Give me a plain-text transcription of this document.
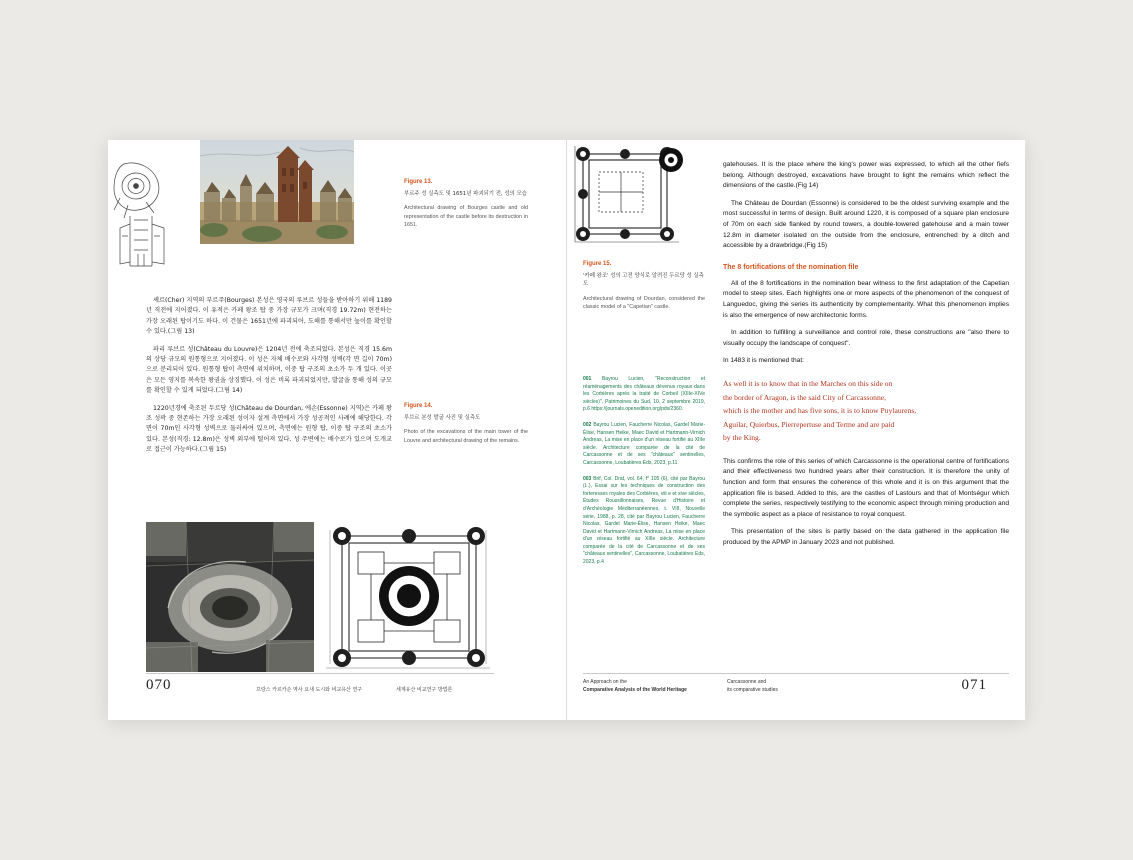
Figure 13.
부르주 성 실측도 및 1651년 파괴되기 전, 성의 모습
Architectural drawing of Bourges castle and old representation of the castle before its destruction in 1651.

셰르(Cher) 지역의 부르주(Bourges) 본성은 영국의 루브르 성들을 받아하기 위해 1189년 직전에 지어졌다. 이 유적은 카페 왕조 탑 중 가장 규모가 크며(직경 19.72m) 현전하는 가장 오래된 탑이기도 하다. 이 건물은 1651년에 파괴되어, 도해를 통해서만 높이를 확인할 수 있다.(그림 13)

파리 루브르 성(Château du Louvre)은 1204년 전에 축조되었다. 본성은 직경 15.6m의 상당 규모의 원통형으로 지어졌다. 이 성은 자체 배수로와 사각형 성벽(각 면 길이 70m)으로 분리되어 있다. 원통형 탑이 측면에 위치하며, 이중 탑 구조의 초소가 두 개 있다. 이곳은 모든 영지를 복속한 왕권을 상징했다. 이 성은 비록 파괴되었지만, 발굴을 통해 성의 규모를 확인할 수 있게 되었다.(그림 14)

1220년경에 축조된 두르당 성(Château de Dourdan, 에손(Essonne) 지역)은 카페 왕조 성곽 중 현존하는 가장 오래된 성이자 설계 측면에서 가장 성공적인 사례에 해당한다. 각 면이 70m인 사각형 성벽으로 둘러싸여 있으며, 측면에는 원형 탑, 이중 탑 구조의 초소가 있다. 본성(직경: 12.8m)은 성벽 외부에 떨어져 있다. 성 주변에는 배수로가 있으며 도개교로 접근이 가능하다.(그림 15)

Figure 14.
루브르 본성 발굴 사진 및 실측도
Photo of the excavations of the main tower of the Louvre and architectural drawing of the remains.
070	프랑스 카르카손 역사 요새 도시와 비교유산 연구	세계유산 비교연구 방법론
Figure 15.
'카페 왕조' 성의 고전 양식로 알려진 두르당 성 실측도
Architectural drawing of Dourdan, considered the classic model of a "Capetian" castle.
001 Bayrou Lucien, "Reconstruction et réaménagements des châteaux dévenus royaux dans les Corbières après la traité de Corbeil (XIIIe-XIVe siècles)", Patrimoines du Sud, 10, 2 septembre 2019, p.6 https://journals.openedition.org/pds/2360.
002 Bayrou Lucien, Faucherre Nicolas, Gardel Marie-Élise, Hansen Heike, Maec David et Hartmann-Virnich Andreas, La mise en place d'un réseau fortifié au XIIIe siècle. Architecture comparée de la cité de Carcassonne et de ses "châteaux" sentinelles, Carcassonne, Loubatières Eds, 2023, p.11
003 Brif, Col. Drat, vol. 64, f° 105 (6), cité par Bayrou (L.), Essai sur les techniques de construction des forteresses royales des Corbières, viii e et xive siècles, Études Roussillonnaises, Revue d'Histoire et d'Archéologie Méditerranéennes, t. VIII, Nouvelle série, 1988, p. 28, cité par Bayrou Lucien, Faucherre Nicolas, Gardel Marie-Élise, Hansen Heike, Maec David et Hartmann-Virnich Andreas, La mise en place d'un réseau fortifié au XIIIe siècle. Architecture comparée de la cité de Carcassonne et de ses "châteaux sentinelles", Carcassonne, Loubatières Eds, 2023, p.4

gatehouses. It is the place where the king's power was expressed, to which all the other fiefs belong. Although destroyed, excavations have brought to light the remains which reflect the dimensions of the castle.(Fig 14)

The Château de Dourdan (Essonne) is considered to be the oldest surviving example and the most successful in terms of design. Built around 1220, it is composed of a square plan enclosure of 70m on each side flanked by round towers, a double-towered gatehouse and a main tower 12.8m in diameter isolated on the outside from the enclosure, entrenched by a ditch and accessible by a drawbridge.(Fig 15)

The 8 fortifications of the nomination file

All of the 8 fortifications in the nomination bear witness to the first adaptation of the Capetian model to steep sites. Each highlights one or more aspects of the phenomenon of the conquest of Languedoc, giving the series its authenticity by complementarity. What this phenomenon implies is also the emergence of new architectonic forms.

In addition to fulfilling a surveillance and control role, these constructions are "also there to visually occupy the landscape of conquest".

In 1483 it is mentioned that:

As well it is to know that in the Marches on this side on
the border of Aragon, is the said City of Carcassonne,
which is the mother and has five sons, it is to know Puylaurens,
Aguilar, Quierbus, Pierrepertuse and Terme and are paid
by the King.

This confirms the role of this series of which Carcassonne is the operational centre of fortifications and their effectiveness two hundred years after their construction. It is therefore the unity of function and form that ensures the coherence of this whole and it is on this argument that the application file is based. Added to this, are the castles of Lastours and that of Montségur which complete the series, respectively testifying to the economic aspect through mining production and the symbolic aspect as a place of resistance to royal conquest.

This presentation of the sites is partly based on the data gathered in the application file produced by the APMP in January 2023 and not published.

An Approach on the
Comparative Analysis of the World Heritage
Carcassonne and
its comparative studies	071
